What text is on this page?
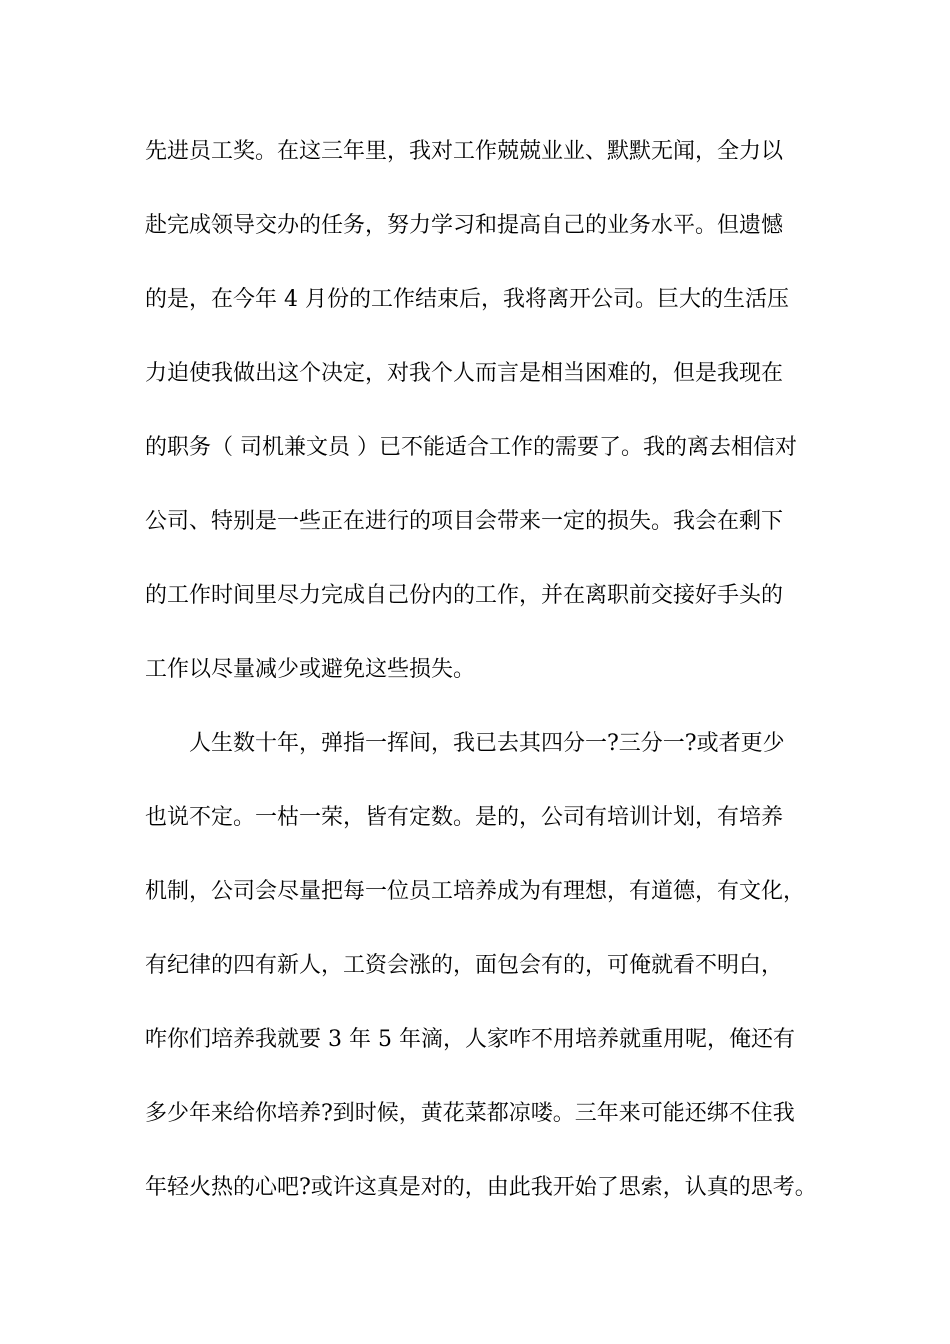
先进员工奖。在这三年里，我对工作兢兢业业、默默无闻，全力以
赴完成领导交办的任务，努力学习和提高自己的业务水平。但遗憾
的是，在今年 4 月份的工作结束后，我将离开公司。巨大的生活压
力迫使我做出这个决定，对我个人而言是相当困难的，但是我现在
的职务（ 司机兼文员 ）已不能适合工作的需要了。我的离去相信对
公司、特别是一些正在进行的项目会带来一定的损失。我会在剩下
的工作时间里尽力完成自己份内的工作，并在离职前交接好手头的
工作以尽量减少或避免这些损失。
人生数十年，弹指一挥间，我已去其四分一?三分一?或者更少
也说不定。一枯一荣，皆有定数。是的，公司有培训计划，有培养
机制，公司会尽量把每一位员工培养成为有理想，有道德，有文化，
有纪律的四有新人，工资会涨的，面包会有的，可俺就看不明白，
咋你们培养我就要 3 年 5 年滴，人家咋不用培养就重用呢，俺还有
多少年来给你培养?到时候，黄花菜都凉喽。三年来可能还绑不住我
年轻火热的心吧?或许这真是对的，由此我开始了思索，认真的思考。
